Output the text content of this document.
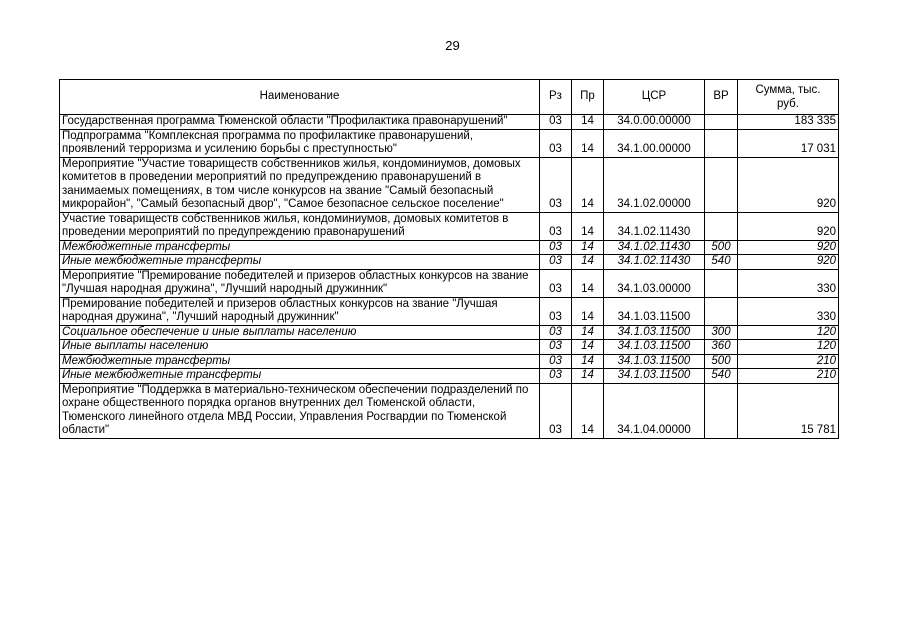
29
Наименование	Рз	Пр	ЦСР	ВР	Сумма, тыс. руб.
Государственная программа Тюменской области "Профилактика правонарушений"	03	14	34.0.00.00000		183 335
Подпрограмма "Комплексная программа по профилактике правонарушений, проявлений терроризма и усилению борьбы с преступностью"	03	14	34.1.00.00000		17 031
Мероприятие "Участие товариществ собственников жилья, кондоминиумов, домовых комитетов в проведении мероприятий по предупреждению правонарушений в занимаемых помещениях, в том числе конкурсов на звание "Самый безопасный микрорайон", "Самый безопасный двор", "Самое безопасное сельское поселение"	03	14	34.1.02.00000		920
Участие товариществ собственников жилья, кондоминиумов, домовых комитетов в проведении мероприятий по предупреждению правонарушений	03	14	34.1.02.11430		920
Межбюджетные трансферты	03	14	34.1.02.11430	500	920
Иные межбюджетные трансферты	03	14	34.1.02.11430	540	920
Мероприятие "Премирование победителей и призеров областных конкурсов на звание "Лучшая народная дружина", "Лучший народный дружинник"	03	14	34.1.03.00000		330
Премирование победителей и призеров областных конкурсов на звание "Лучшая народная дружина", "Лучший народный дружинник"	03	14	34.1.03.11500		330
Социальное обеспечение и иные выплаты населению	03	14	34.1.03.11500	300	120
Иные выплаты населению	03	14	34.1.03.11500	360	120
Межбюджетные трансферты	03	14	34.1.03.11500	500	210
Иные межбюджетные трансферты	03	14	34.1.03.11500	540	210
Мероприятие "Поддержка в материально-техническом обеспечении подразделений по охране общественного порядка органов внутренних дел Тюменской области, Тюменского линейного отдела МВД России, Управления Росгвардии по Тюменской области"	03	14	34.1.04.00000		15 781
